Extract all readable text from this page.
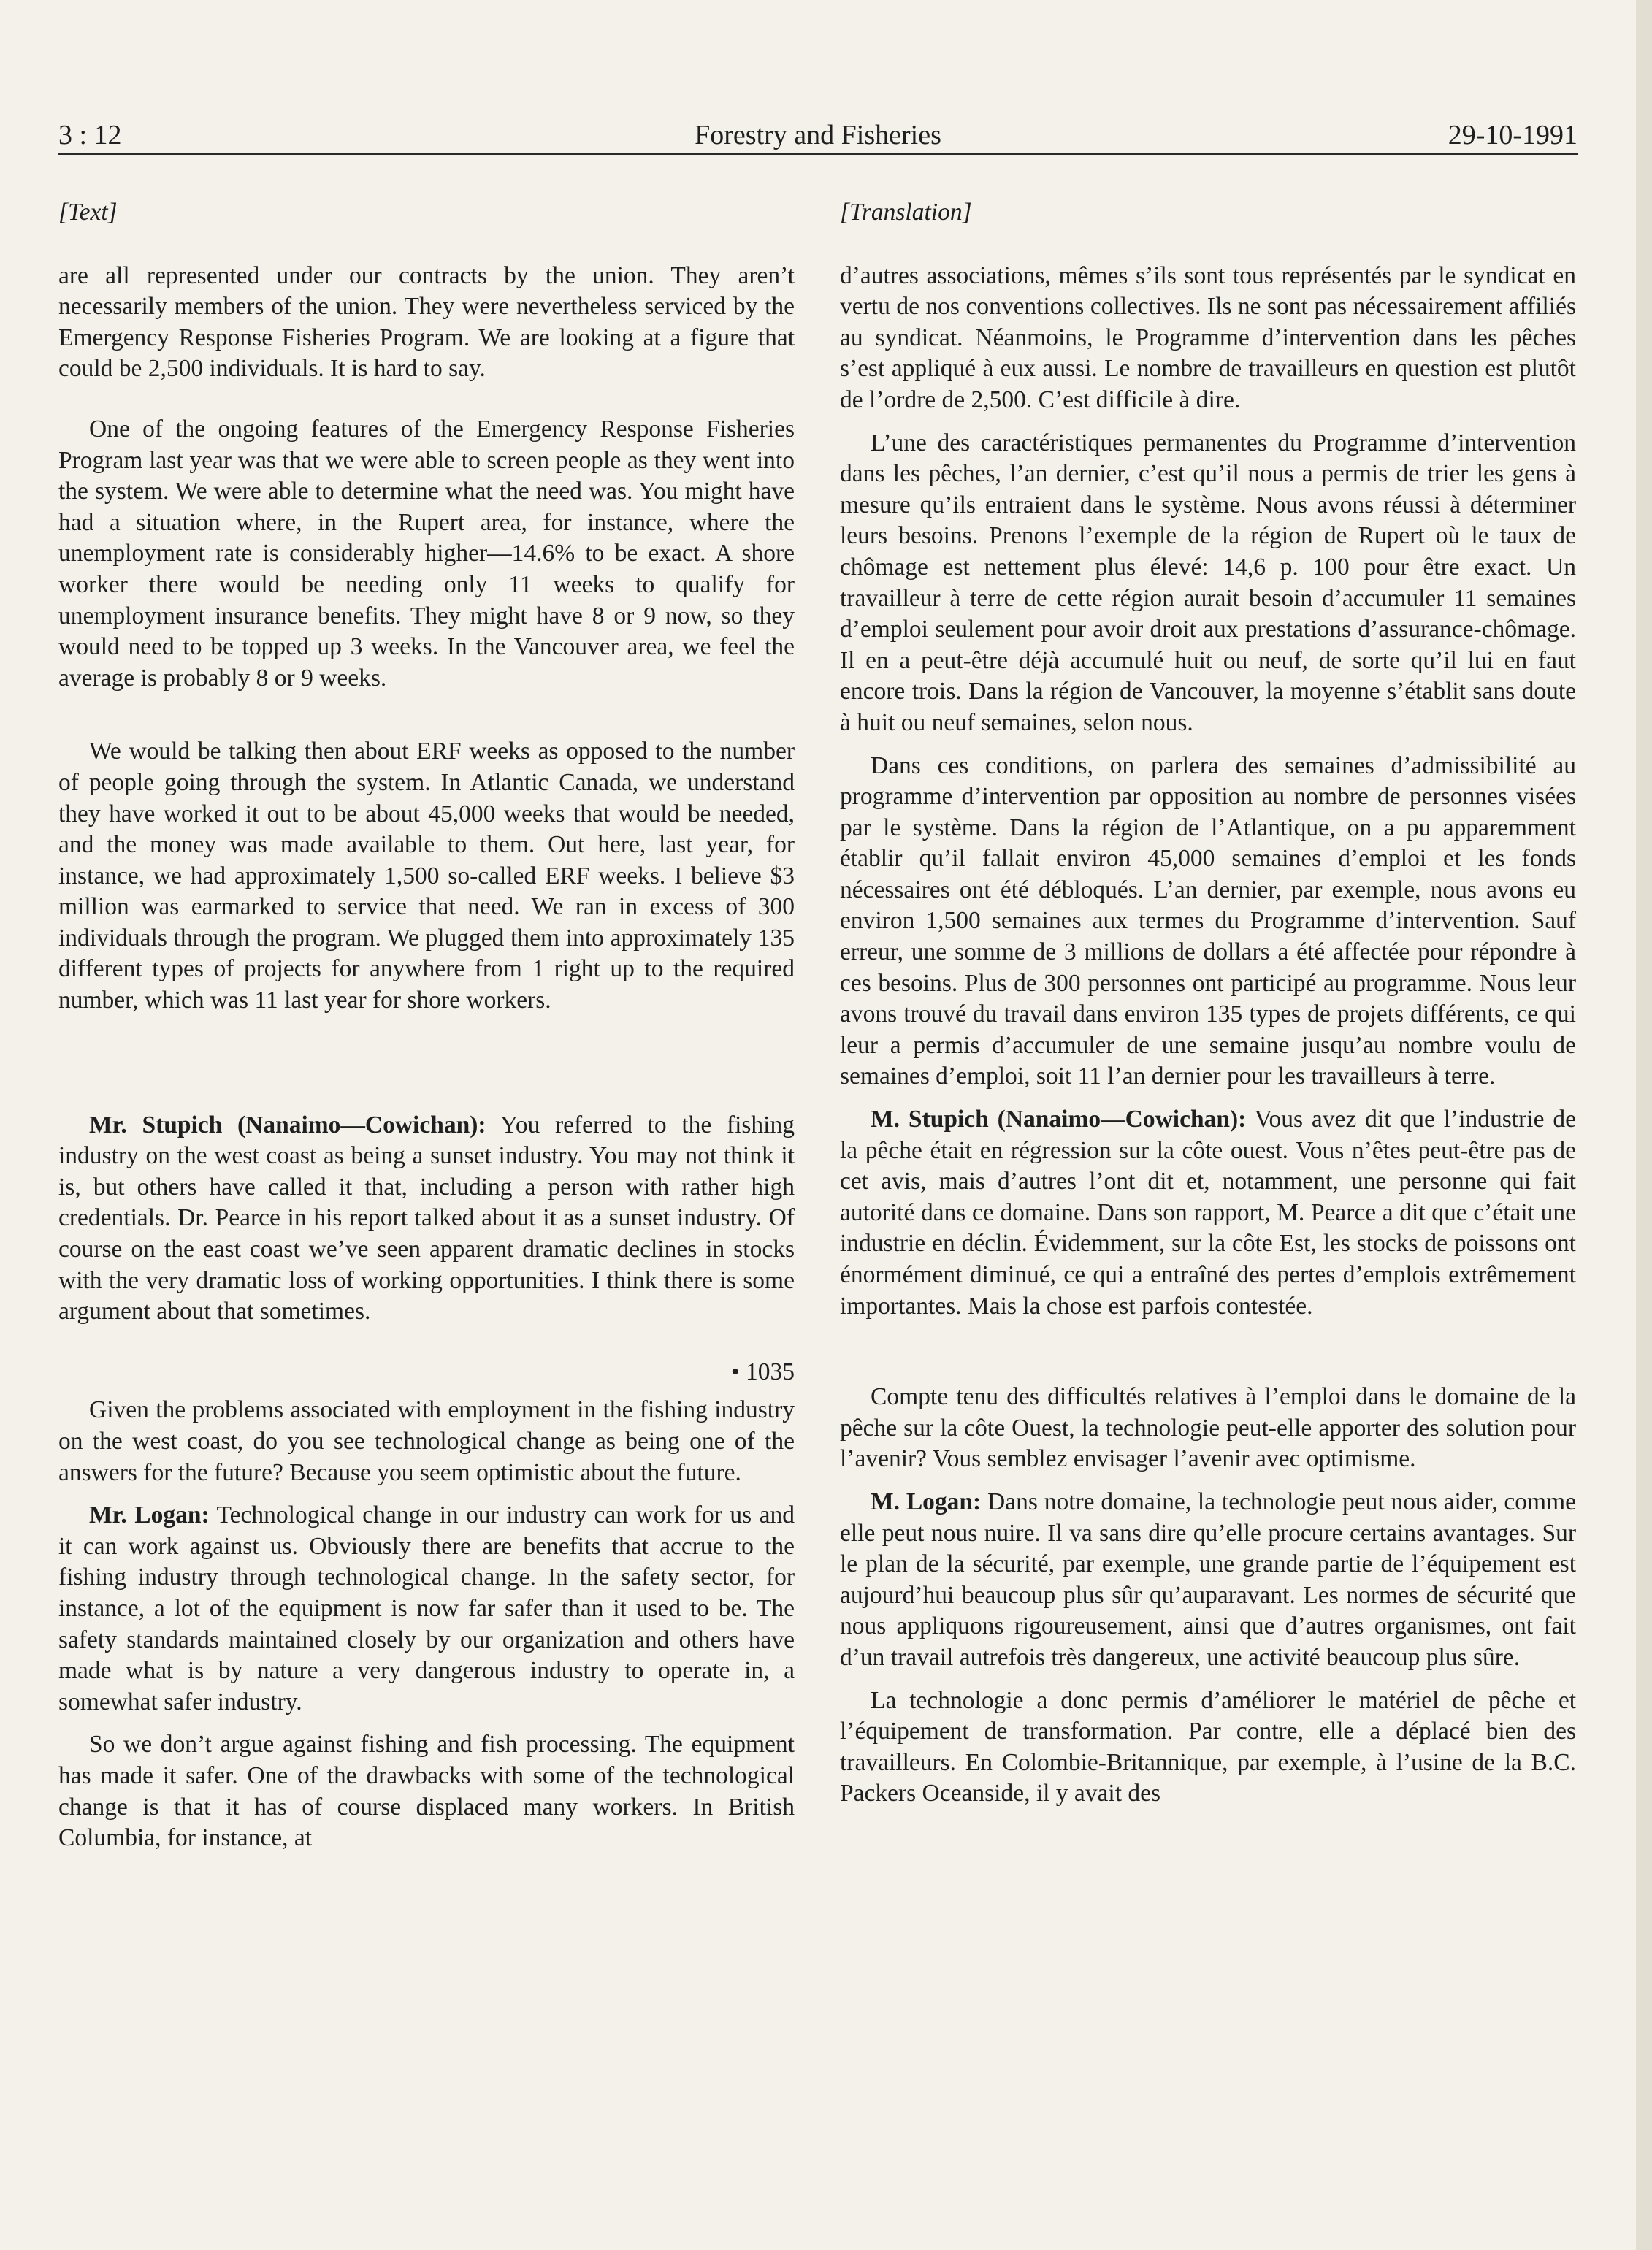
3 : 12	Forestry and Fisheries	29-10-1991

[Text]

are all represented under our contracts by the union. They aren’t necessarily members of the union. They were nevertheless serviced by the Emergency Response Fisheries Program. We are looking at a figure that could be 2,500 individuals. It is hard to say.

One of the ongoing features of the Emergency Response Fisheries Program last year was that we were able to screen people as they went into the system. We were able to determine what the need was. You might have had a situation where, in the Rupert area, for instance, where the unemployment rate is considerably higher—14.6% to be exact. A shore worker there would be needing only 11 weeks to qualify for unemployment insurance benefits. They might have 8 or 9 now, so they would need to be topped up 3 weeks. In the Vancouver area, we feel the average is probably 8 or 9 weeks.

We would be talking then about ERF weeks as opposed to the number of people going through the system. In Atlantic Canada, we understand they have worked it out to be about 45,000 weeks that would be needed, and the money was made available to them. Out here, last year, for instance, we had approximately 1,500 so-called ERF weeks. I believe $3 million was earmarked to service that need. We ran in excess of 300 individuals through the program. We plugged them into approximately 135 different types of projects for anywhere from 1 right up to the required number, which was 11 last year for shore workers.

Mr. Stupich (Nanaimo—Cowichan): You referred to the fishing industry on the west coast as being a sunset industry. You may not think it is, but others have called it that, including a person with rather high credentials. Dr. Pearce in his report talked about it as a sunset industry. Of course on the east coast we’ve seen apparent dramatic declines in stocks with the very dramatic loss of working opportunities. I think there is some argument about that sometimes.

• 1035

Given the problems associated with employment in the fishing industry on the west coast, do you see technological change as being one of the answers for the future? Because you seem optimistic about the future.

Mr. Logan: Technological change in our industry can work for us and it can work against us. Obviously there are benefits that accrue to the fishing industry through technological change. In the safety sector, for instance, a lot of the equipment is now far safer than it used to be. The safety standards maintained closely by our organization and others have made what is by nature a very dangerous industry to operate in, a somewhat safer industry.

So we don’t argue against fishing and fish processing. The equipment has made it safer. One of the drawbacks with some of the technological change is that it has of course displaced many workers. In British Columbia, for instance, at

[Translation]

d’autres associations, mêmes s’ils sont tous représentés par le syndicat en vertu de nos conventions collectives. Ils ne sont pas nécessairement affiliés au syndicat. Néanmoins, le Programme d’intervention dans les pêches s’est appliqué à eux aussi. Le nombre de travailleurs en question est plutôt de l’ordre de 2,500. C’est difficile à dire.

L’une des caractéristiques permanentes du Programme d’intervention dans les pêches, l’an dernier, c’est qu’il nous a permis de trier les gens à mesure qu’ils entraient dans le système. Nous avons réussi à déterminer leurs besoins. Prenons l’exemple de la région de Rupert où le taux de chômage est nettement plus élevé: 14,6 p. 100 pour être exact. Un travailleur à terre de cette région aurait besoin d’accumuler 11 semaines d’emploi seulement pour avoir droit aux prestations d’assurance-chômage. Il en a peut-être déjà accumulé huit ou neuf, de sorte qu’il lui en faut encore trois. Dans la région de Vancouver, la moyenne s’établit sans doute à huit ou neuf semaines, selon nous.

Dans ces conditions, on parlera des semaines d’admissibilité au programme d’intervention par opposition au nombre de personnes visées par le système. Dans la région de l’Atlantique, on a pu apparemment établir qu’il fallait environ 45,000 semaines d’emploi et les fonds nécessaires ont été débloqués. L’an dernier, par exemple, nous avons eu environ 1,500 semaines aux termes du Programme d’intervention. Sauf erreur, une somme de 3 millions de dollars a été affectée pour répondre à ces besoins. Plus de 300 personnes ont participé au programme. Nous leur avons trouvé du travail dans environ 135 types de projets différents, ce qui leur a permis d’accumuler de une semaine jusqu’au nombre voulu de semaines d’emploi, soit 11 l’an dernier pour les travailleurs à terre.

M. Stupich (Nanaimo—Cowichan): Vous avez dit que l’industrie de la pêche était en régression sur la côte ouest. Vous n’êtes peut-être pas de cet avis, mais d’autres l’ont dit et, notamment, une personne qui fait autorité dans ce domaine. Dans son rapport, M. Pearce a dit que c’était une industrie en déclin. Évidemment, sur la côte Est, les stocks de poissons ont énormément diminué, ce qui a entraîné des pertes d’emplois extrêmement importantes. Mais la chose est parfois contestée.

Compte tenu des difficultés relatives à l’emploi dans le domaine de la pêche sur la côte Ouest, la technologie peut-elle apporter des solution pour l’avenir? Vous semblez envisager l’avenir avec optimisme.

M. Logan: Dans notre domaine, la technologie peut nous aider, comme elle peut nous nuire. Il va sans dire qu’elle procure certains avantages. Sur le plan de la sécurité, par exemple, une grande partie de l’équipement est aujourd’hui beaucoup plus sûr qu’auparavant. Les normes de sécurité que nous appliquons rigoureusement, ainsi que d’autres organismes, ont fait d’un travail autrefois très dangereux, une activité beaucoup plus sûre.

La technologie a donc permis d’améliorer le matériel de pêche et l’équipement de transformation. Par contre, elle a déplacé bien des travailleurs. En Colombie-Britannique, par exemple, à l’usine de la B.C. Packers Oceanside, il y avait des
